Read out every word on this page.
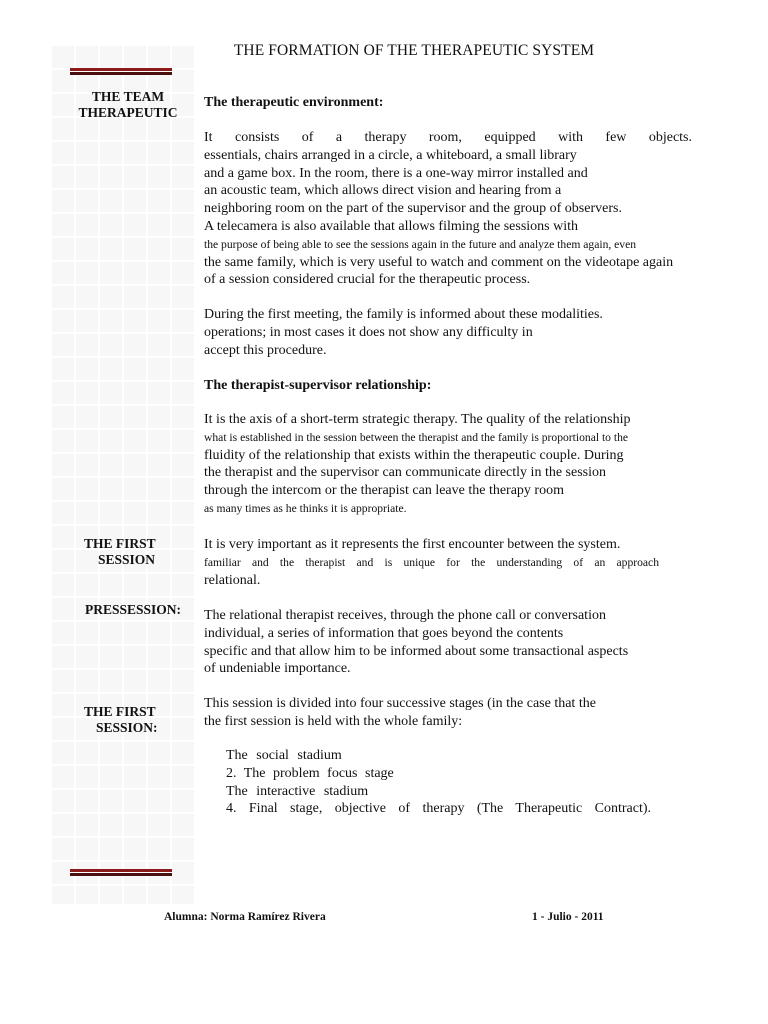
THE FORMATION OF THE THERAPEUTIC SYSTEM
THE TEAM
THERAPEUTIC
THE FIRST
SESSION
PRESSESSION:
THE FIRST
SESSION:
The therapeutic environment:
It consists of a therapy room, equipped with few objects.
essentials, chairs arranged in a circle, a whiteboard, a small library
and a game box. In the room, there is a one-way mirror installed and
an acoustic team, which allows direct vision and hearing from a
neighboring room on the part of the supervisor and the group of observers.
A telecamera is also available that allows filming the sessions with
the purpose of being able to see the sessions again in the future and analyze them again, even
the same family, which is very useful to watch and comment on the videotape again
of a session considered crucial for the therapeutic process.
During the first meeting, the family is informed about these modalities.
operations; in most cases it does not show any difficulty in
accept this procedure.
The therapist-supervisor relationship:
It is the axis of a short-term strategic therapy. The quality of the relationship
what is established in the session between the therapist and the family is proportional to the
fluidity of the relationship that exists within the therapeutic couple. During
the therapist and the supervisor can communicate directly in the session
through the intercom or the therapist can leave the therapy room
as many times as he thinks it is appropriate.
It is very important as it represents the first encounter between the system.
familiar and the therapist and is unique for the understanding of an approach
relational.
The relational therapist receives, through the phone call or conversation
individual, a series of information that goes beyond the contents
specific and that allow him to be informed about some transactional aspects
of undeniable importance.
This session is divided into four successive stages (in the case that the
the first session is held with the whole family:
The social stadium
2. The problem focus stage
The interactive stadium
4. Final stage, objective of therapy (The Therapeutic Contract).
Alumna: Norma Ramírez Rivera	1 - Julio - 2011
